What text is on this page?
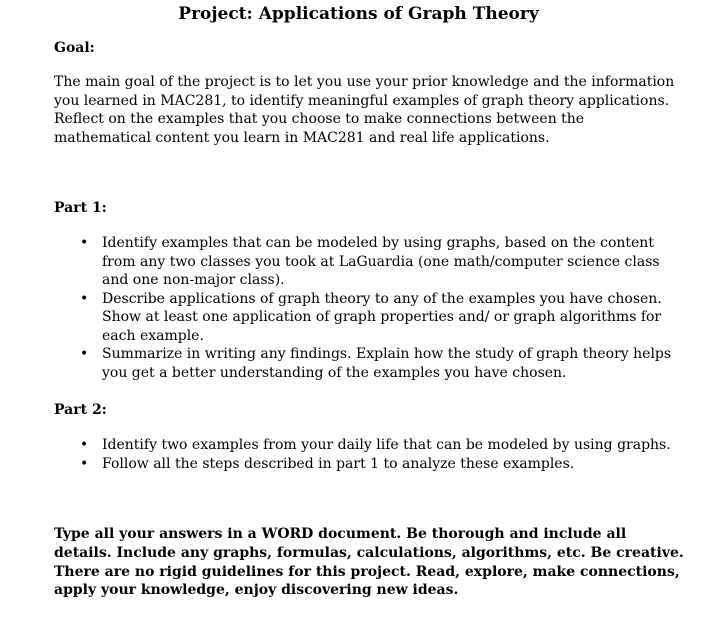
Project: Applications of Graph Theory
Goal:

The main goal of the project is to let you use your prior knowledge and the information you learned in MAC281, to identify meaningful examples of graph theory applications. Reflect on the examples that you choose to make connections between the mathematical content you learn in MAC281 and real life applications.

Part 1:
• Identify examples that can be modeled by using graphs, based on the content from any two classes you took at LaGuardia (one math/computer science class and one non-major class).
• Describe applications of graph theory to any of the examples you have chosen. Show at least one application of graph properties and/ or graph algorithms for each example.
• Summarize in writing any findings. Explain how the study of graph theory helps you get a better understanding of the examples you have chosen.
Part 2:
• Identify two examples from your daily life that can be modeled by using graphs.
• Follow all the steps described in part 1 to analyze these examples.

Type all your answers in a WORD document. Be thorough and include all details. Include any graphs, formulas, calculations, algorithms, etc. Be creative. There are no rigid guidelines for this project. Read, explore, make connections, apply your knowledge, enjoy discovering new ideas.
